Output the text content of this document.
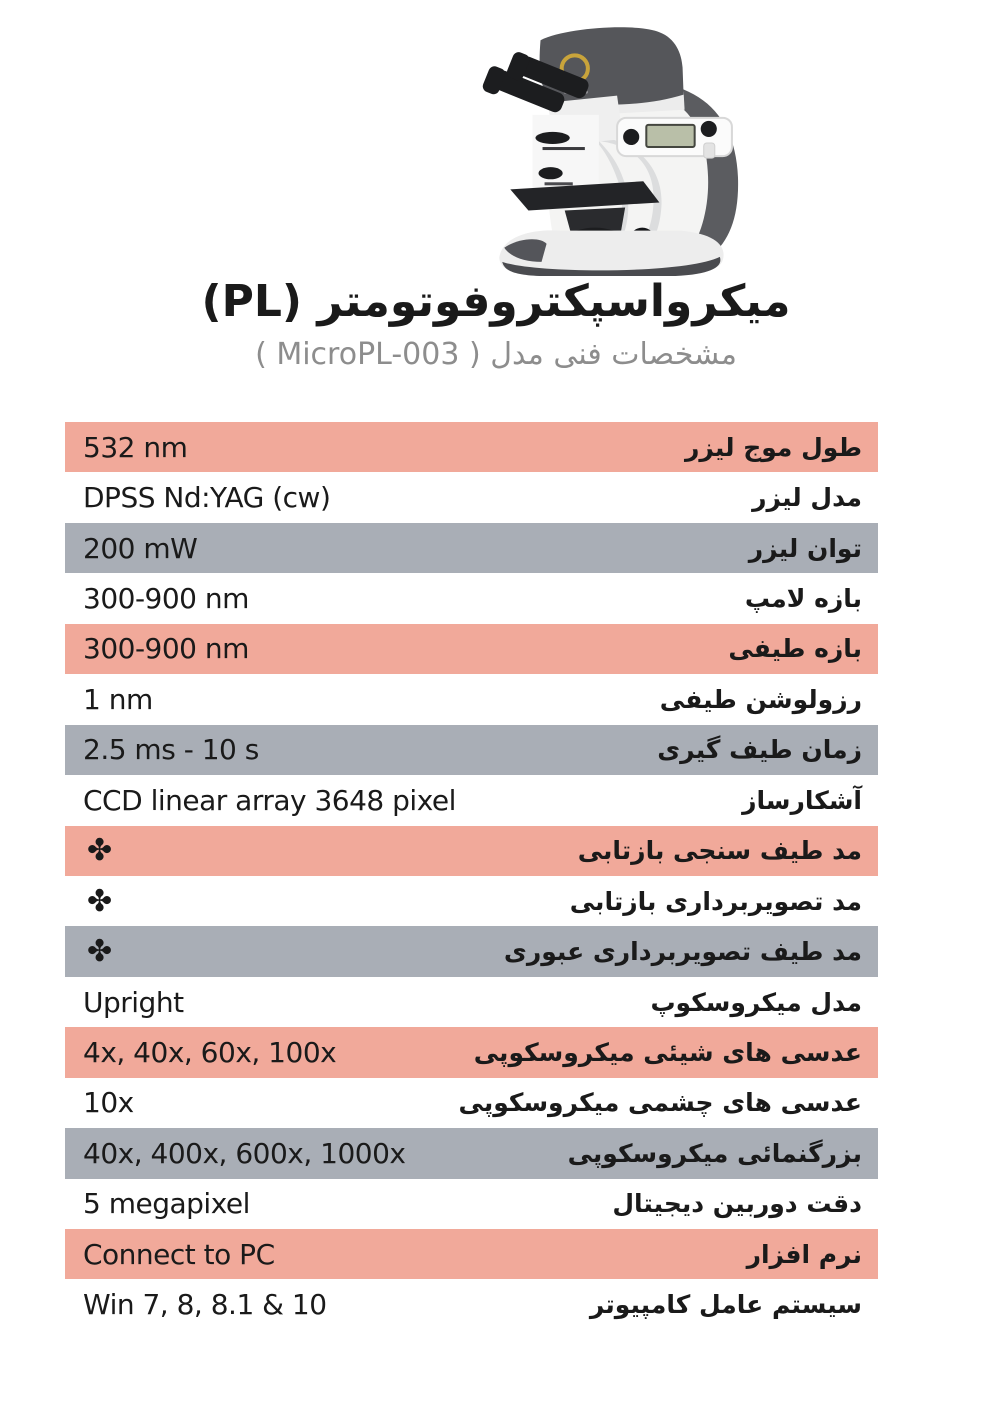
میکرواسپکتروفوتومتر (PL)
مشخصات فنی مدل ( MicroPL-003 )
532 nm	طول موج لیزر
DPSS Nd:YAG (cw)	مدل لیزر
200 mW	توان لیزر
300-900 nm	بازه لامپ
300-900 nm	بازه طیفی
1 nm	رزولوشن طیفی
2.5 ms - 10 s	زمان طیف گیری
CCD linear array 3648 pixel	آشکارساز
✤	مد طیف سنجی بازتابی
✤	مد تصویربرداری بازتابی
✤	مد طیف تصویربرداری عبوری
Upright	مدل میکروسکوپ
4x, 40x, 60x, 100x	عدسی های شیئی میکروسکوپی
10x	عدسی های چشمی میکروسکوپی
40x, 400x, 600x, 1000x	بزرگنمائی میکروسکوپی
5 megapixel	دقت دوربین دیجیتال
Connect to PC	نرم افزار
Win 7, 8, 8.1 & 10	سیستم عامل کامپیوتر
